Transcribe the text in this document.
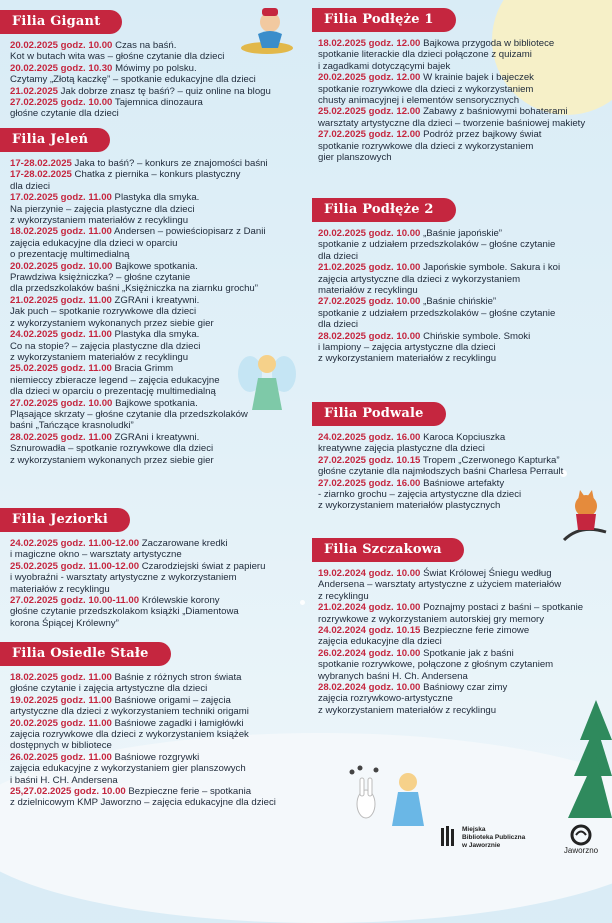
Filia Gigant

20.02.2025 godz. 10.00 Czas na baśń.
Kot w butach wita was – głośne czytanie dla dzieci

20.02.2025 godz. 10.30 Mówimy po polsku.
Czytamy „Złotą kaczkę” – spotkanie edukacyjne dla dzieci

21.02.2025 Jak dobrze znasz tę baśń? – quiz online na blogu

27.02.2025 godz. 10.00 Tajemnica dinozaura
głośne czytanie dla dzieci

Filia Jeleń

17-28.02.2025 Jaka to baśń? – konkurs ze znajomości baśni

17-28.02.2025 Chatka z piernika – konkurs plastyczny
dla dzieci

17.02.2025 godz. 11.00 Plastyka dla smyka.
Na pierzynie – zajęcia plastyczne dla dzieci
z wykorzystaniem materiałów z recyklingu

18.02.2025 godz. 11.00 Andersen – powieściopisarz z Danii
zajęcia edukacyjne dla dzieci w oparciu
o prezentację multimedialną

20.02.2025 godz. 10.00 Bajkowe spotkania.
Prawdziwa księżniczka? – głośne czytanie
dla przedszkolaków baśni „Księżniczka na ziarnku grochu”

21.02.2025 godz. 11.00 ZGRAni i kreatywni.
Jak puch – spotkanie rozrywkowe dla dzieci
z wykorzystaniem wykonanych przez siebie gier

24.02.2025 godz. 11.00 Plastyka dla smyka.
Co na stopie? – zajęcia plastyczne dla dzieci
z wykorzystaniem materiałów z recyklingu

25.02.2025 godz. 11.00 Bracia Grimm
niemieccy zbieracze legend – zajęcia edukacyjne
dla dzieci w oparciu o prezentację multimedialną

27.02.2025 godz. 10.00 Bajkowe spotkania.
Pląsające skrzaty – głośne czytanie dla przedszkolaków
baśni „Tańczące krasnoludki”

28.02.2025 godz. 11.00 ZGRAni i kreatywni.
Sznurowadła – spotkanie rozrywkowe dla dzieci
z wykorzystaniem wykonanych przez siebie gier

Filia Jeziorki

24.02.2025 godz. 11.00-12.00 Zaczarowane kredki
i magiczne okno – warsztaty artystyczne

25.02.2025 godz. 11.00-12.00 Czarodziejski świat z papieru
i wyobraźni - warsztaty artystyczne z wykorzystaniem
materiałów z recyklingu

27.02.2025 godz. 10.00-11.00 Królewskie korony
głośne czytanie przedszkolakom książki „Diamentowa
korona Śpiącej Królewny”

Filia Osiedle Stałe

18.02.2025 godz. 11.00 Baśnie z różnych stron świata
głośne czytanie i zajęcia artystyczne dla dzieci

19.02.2025 godz. 11.00 Baśniowe origami – zajęcia
artystyczne dla dzieci z wykorzystaniem techniki origami

20.02.2025 godz. 11.00 Baśniowe zagadki i łamigłówki
zajęcia rozrywkowe dla dzieci z wykorzystaniem książek
dostępnych w bibliotece

26.02.2025 godz. 11.00 Baśniowe rozgrywki
zajęcia edukacyjne z wykorzystaniem gier planszowych
i baśni H. CH. Andersena

25,27.02.2025 godz. 10.00 Bezpieczne ferie – spotkania
z dzielnicowym KMP Jaworzno – zajęcia edukacyjne dla dzieci

Filia Podłęże 1

18.02.2025 godz. 12.00 Bajkowa przygoda w bibliotece
spotkanie literackie dla dzieci połączone z quizami
i zagadkami dotyczącymi bajek

20.02.2025 godz. 12.00 W krainie bajek i bajeczek
spotkanie rozrywkowe dla dzieci z wykorzystaniem
chusty animacyjnej i elementów sensorycznych

25.02.2025 godz. 12.00 Zabawy z baśniowymi bohaterami
warsztaty artystyczne dla dzieci – tworzenie baśniowej makiety

27.02.2025 godz. 12.00 Podróż przez bajkowy świat
spotkanie rozrywkowe dla dzieci z wykorzystaniem
gier planszowych

Filia Podłęże 2

20.02.2025 godz. 10.00 „Baśnie japońskie”
spotkanie z udziałem przedszkolaków – głośne czytanie
dla dzieci

21.02.2025 godz. 10.00 Japońskie symbole. Sakura i koi
zajęcia artystyczne dla dzieci z wykorzystaniem
materiałów z recyklingu

27.02.2025 godz. 10.00 „Baśnie chińskie”
spotkanie z udziałem przedszkolaków – głośne czytanie
dla dzieci

28.02.2025 godz. 10.00 Chińskie symbole. Smoki
i lampiony – zajęcia artystyczne dla dzieci
z wykorzystaniem materiałów z recyklingu

Filia Podwale

24.02.2025 godz. 16.00 Karoca Kopciuszka
kreatywne zajęcia plastyczne dla dzieci

27.02.2025 godz. 10.15 Tropem „Czerwonego Kapturka”
głośne czytanie dla najmłodszych baśni Charlesa Perrault

27.02.2025 godz. 16.00 Baśniowe artefakty
- ziarnko grochu – zajęcia artystyczne dla dzieci
z wykorzystaniem materiałów plastycznych

Filia Szczakowa

19.02.2024 godz. 10.00 Świat Królowej Śniegu według
Andersena – warsztaty artystyczne z użyciem materiałów
z recyklingu

21.02.2024 godz. 10.00 Poznajmy postaci z baśni – spotkanie
rozrywkowe z wykorzystaniem autorskiej gry memory

24.02.2024 godz. 10.15 Bezpieczne ferie zimowe
zajęcia edukacyjne dla dzieci

26.02.2024 godz. 10.00 Spotkanie jak z baśni
spotkanie rozrywkowe, połączone z głośnym czytaniem
wybranych baśni H. Ch. Andersena

28.02.2024 godz. 10.00 Baśniowy czar zimy
zajęcia rozrywkowo-artystyczne
z wykorzystaniem materiałów z recyklingu

Miejska
Biblioteka Publiczna
w Jaworznie	Jaworzno
